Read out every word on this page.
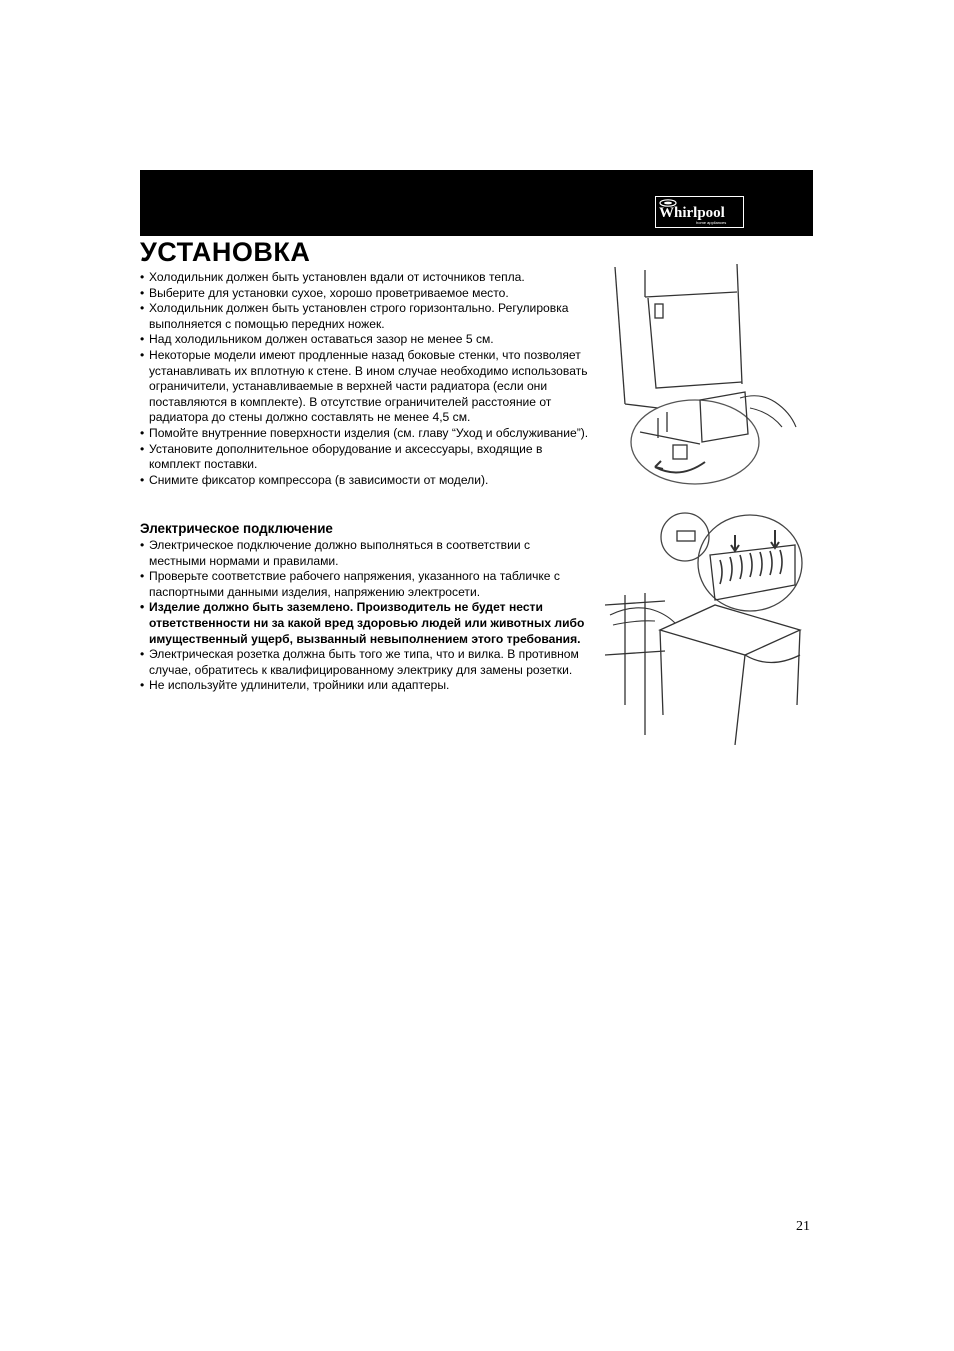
Whirlpool
home appliances
УСТАНОВКА
• Холодильник должен быть установлен вдали от источников тепла.
• Выберите для установки сухое, хорошо проветриваемое место.
• Холодильник должен быть установлен строго горизонтально. Регулировка выполняется с помощью передних ножек.
• Над холодильником должен оставаться зазор не менее 5 см.
• Некоторые модели имеют продленные назад боковые стенки, что позволяет устанавливать их вплотную к стене. В ином случае необходимо использовать ограничители, устанавливаемые в верхней части радиатора (если они поставляются в комплекте). В отсутствие ограничителей расстояние от радиатора до стены должно составлять не менее 4,5 см.
• Помойте внутренние поверхности изделия (см. главу “Уход и обслуживание”).
• Установите дополнительное оборудование и аксессуары, входящие в комплект поставки.
• Снимите фиксатор компрессора (в зависимости от модели).
Электрическое подключение
• Электрическое подключение должно выполняться в соответствии с местными нормами и правилами.
• Проверьте соответствие рабочего напряжения, указанного на табличке с паспортными данными изделия, напряжению электросети.
• Изделие должно быть заземлено. Производитель не будет нести ответственности ни за какой вред здоровью людей или животных либо имущественный ущерб, вызванный невыполнением этого требования.
• Электрическая розетка должна быть того же типа, что и вилка. В противном случае, обратитесь к квалифицированному электрику для замены розетки.
• Не используйте удлинители, тройники или адаптеры.
21
